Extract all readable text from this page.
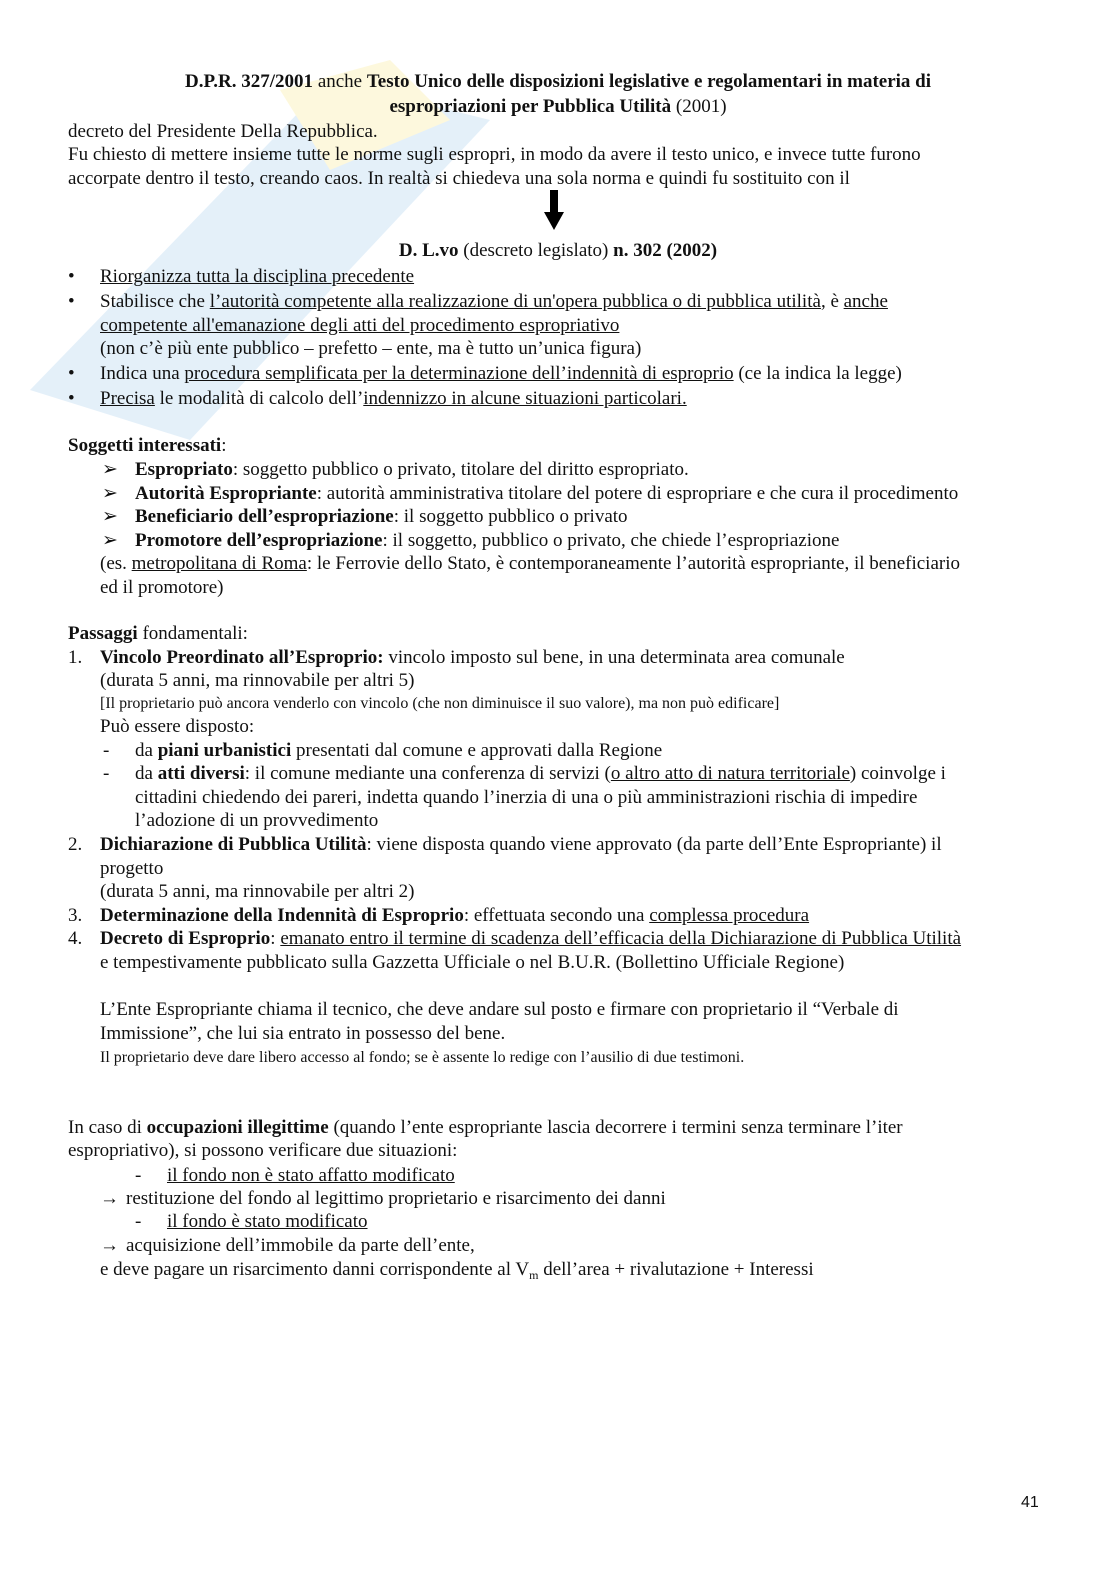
D.P.R. 327/2001 anche Testo Unico delle disposizioni legislative e regolamentari in materia di
espropriazioni per Pubblica Utilità (2001)
decreto del Presidente Della Repubblica.
Fu chiesto di mettere insieme tutte le norme sugli espropri, in modo da avere il testo unico, e invece tutte furono
accorpate dentro il testo, creando caos. In realtà si chiedeva una sola norma e quindi fu sostituito con il
D. L.vo (descreto legislato) n. 302 (2002)
• Riorganizza tutta la disciplina precedente
• Stabilisce che l’autorità competente alla realizzazione di un'opera pubblica o di pubblica utilità, è anche
competente all'emanazione degli atti del procedimento espropriativo
(non c’è più ente pubblico – prefetto – ente, ma è tutto un’unica figura)
• Indica una procedura semplificata per la determinazione dell’indennità di esproprio (ce la indica la legge)
• Precisa le modalità di calcolo dell’indennizzo in alcune situazioni particolari.
Soggetti interessati:
➢ Espropriato: soggetto pubblico o privato, titolare del diritto espropriato.
➢ Autorità Espropriante: autorità amministrativa titolare del potere di espropriare e che cura il procedimento
➢ Beneficiario dell’espropriazione: il soggetto pubblico o privato
➢ Promotore dell’espropriazione: il soggetto, pubblico o privato, che chiede l’espropriazione
(es. metropolitana di Roma: le Ferrovie dello Stato, è contemporaneamente l’autorità espropriante, il beneficiario
ed il promotore)
Passaggi fondamentali:
1. Vincolo Preordinato all’Esproprio: vincolo imposto sul bene, in una determinata area comunale
(durata 5 anni, ma rinnovabile per altri 5)
[Il proprietario può ancora venderlo con vincolo (che non diminuisce il suo valore), ma non può edificare]
Può essere disposto:
- da piani urbanistici presentati dal comune e approvati dalla Regione
- da atti diversi: il comune mediante una conferenza di servizi (o altro atto di natura territoriale) coinvolge i
cittadini chiedendo dei pareri, indetta quando l’inerzia di una o più amministrazioni rischia di impedire
l’adozione di un provvedimento
2. Dichiarazione di Pubblica Utilità: viene disposta quando viene approvato (da parte dell’Ente Espropriante) il
progetto
(durata 5 anni, ma rinnovabile per altri 2)
3. Determinazione della Indennità di Esproprio: effettuata secondo una complessa procedura
4. Decreto di Esproprio: emanato entro il termine di scadenza dell’efficacia della Dichiarazione di Pubblica Utilità
e tempestivamente pubblicato sulla Gazzetta Ufficiale o nel B.U.R. (Bollettino Ufficiale Regione)
L’Ente Espropriante chiama il tecnico, che deve andare sul posto e firmare con proprietario il “Verbale di
Immissione”, che lui sia entrato in possesso del bene.
Il proprietario deve dare libero accesso al fondo; se è assente lo redige con l’ausilio di due testimoni.
In caso di occupazioni illegittime (quando l’ente espropriante lascia decorrere i termini senza terminare l’iter
espropriativo), si possono verificare due situazioni:
- il fondo non è stato affatto modificato
→ restituzione del fondo al legittimo proprietario e risarcimento dei danni
- il fondo è stato modificato
→ acquisizione dell’immobile da parte dell’ente,
e deve pagare un risarcimento danni corrispondente al $V_m$ dell’area + rivalutazione + Interessi
41
